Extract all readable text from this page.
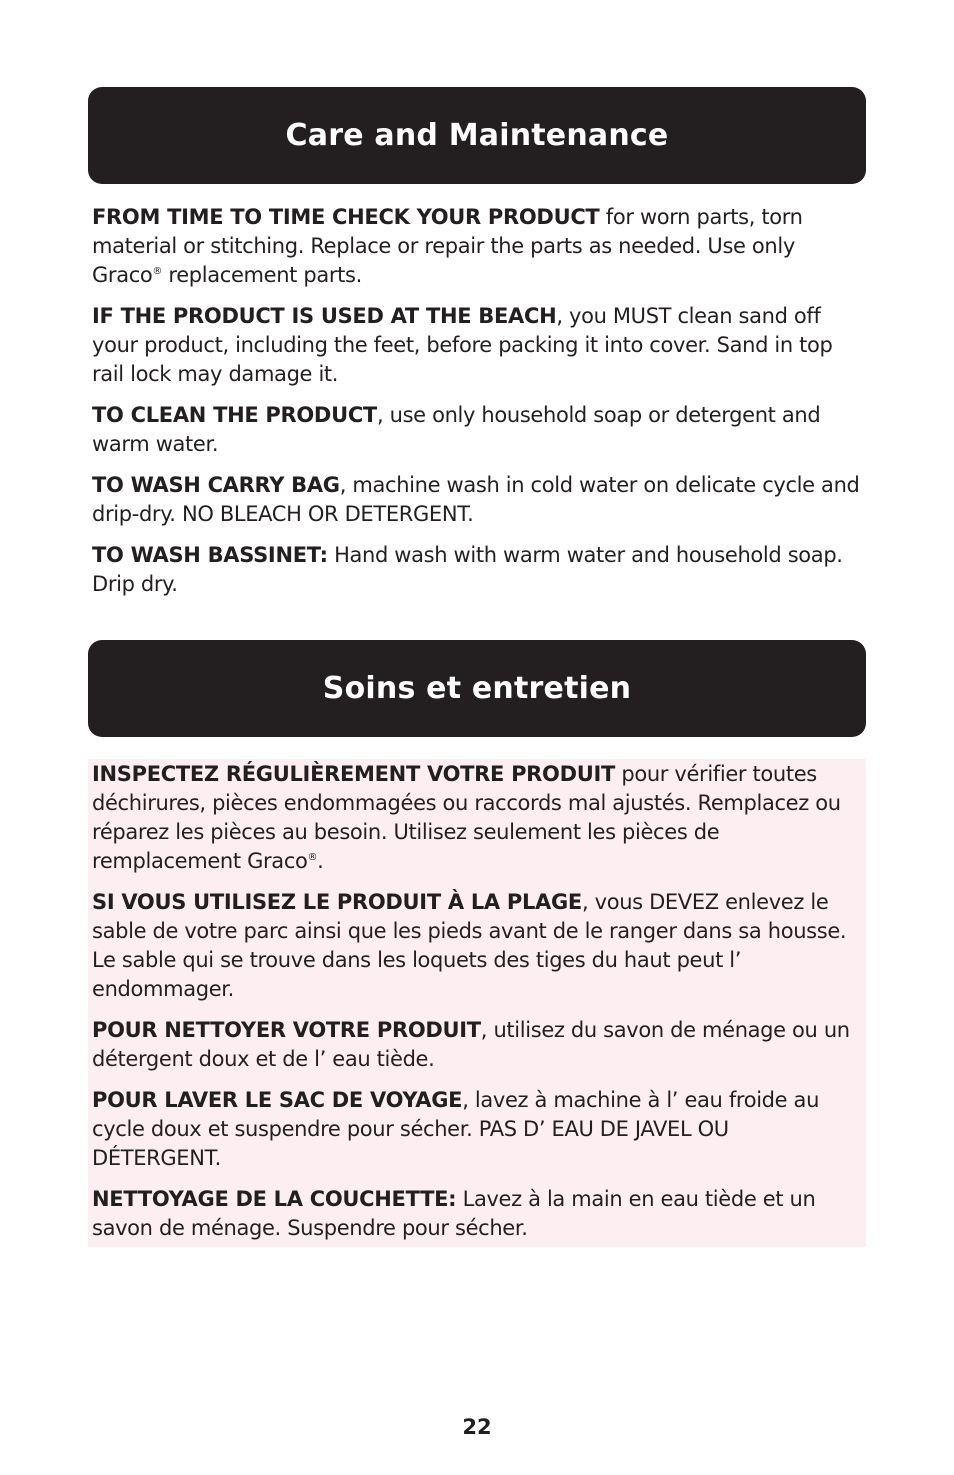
Care and Maintenance

FROM TIME TO TIME CHECK YOUR PRODUCT for worn parts, torn material or stitching. Replace or repair the parts as needed. Use only Graco® replacement parts.

IF THE PRODUCT IS USED AT THE BEACH, you MUST clean sand off your product, including the feet, before packing it into cover. Sand in top rail lock may damage it.

TO CLEAN THE PRODUCT, use only household soap or detergent and warm water.

TO WASH CARRY BAG, machine wash in cold water on delicate cycle and drip-dry. NO BLEACH OR DETERGENT.

TO WASH BASSINET: Hand wash with warm water and household soap. Drip dry.

Soins et entretien

INSPECTEZ RÉGULIÈREMENT VOTRE PRODUIT pour vérifier toutes déchirures, pièces endommagées ou raccords mal ajustés. Remplacez ou réparez les pièces au besoin. Utilisez seulement les pièces de remplacement Graco®.

SI VOUS UTILISEZ LE PRODUIT À LA PLAGE, vous DEVEZ enlevez le sable de votre parc ainsi que les pieds avant de le ranger dans sa housse. Le sable qui se trouve dans les loquets des tiges du haut peut l’ endommager.

POUR NETTOYER VOTRE PRODUIT, utilisez du savon de ménage ou un détergent doux et de l’ eau tiède.

POUR LAVER LE SAC DE VOYAGE, lavez à machine à l’ eau froide au cycle doux et suspendre pour sécher. PAS D’ EAU DE JAVEL OU DÉTERGENT.

NETTOYAGE DE LA COUCHETTE: Lavez à la main en eau tiède et un savon de ménage. Suspendre pour sécher.

22
